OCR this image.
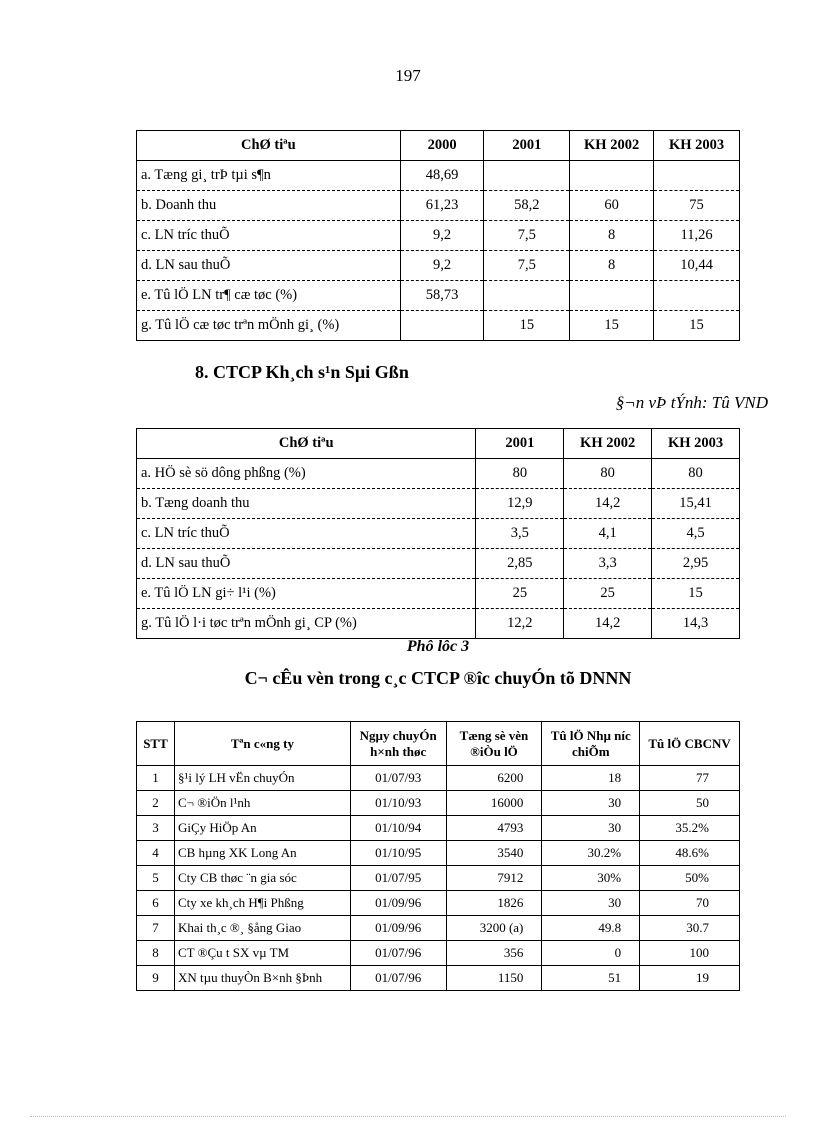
197
ChØ tiªu	2000	2001	KH 2002	KH 2003
a. Tæng gi¸ trÞ tµi s¶n	48,69			
b. Doanh thu	61,23	58,2	60	75
c. LN tríc thuÕ	9,2	7,5	8	11,26
d. LN sau thuÕ	9,2	7,5	8	10,44
e. Tû lÖ LN tr¶ cæ tøc (%)	58,73			
g. Tû lÖ cæ tøc trªn mÖnh gi¸ (%)		15	15	15
8. CTCP Kh¸ch s¹n Sµi Gßn
§¬n vÞ tÝnh: Tû VND
ChØ tiªu	2001	KH 2002	KH 2003
a. HÖ sè sö dông phßng (%)	80	80	80
b. Tæng doanh thu	12,9	14,2	15,41
c. LN tríc thuÕ	3,5	4,1	4,5
d. LN sau thuÕ	2,85	3,3	2,95
e. Tû lÖ LN gi÷ l¹i (%)	25	25	15
g. Tû lÖ l·i tøc trªn mÖnh gi¸ CP (%)	12,2	14,2	14,3
Phô lôc 3
C¬ cÊu vèn trong c¸c CTCP ®îc chuyÓn tõ DNNN
STT	Tªn c«ng ty	Ngµy chuyÓn h×nh thøc	Tæng sè vèn ®iÒu lÖ	Tû lÖ Nhµ níc chiÕm	Tû lÖ CBCNV
1	§¹i lý LH vËn chuyÓn	01/07/93	6200	18	77
2	C¬ ®iÖn l¹nh	01/10/93	16000	30	50
3	GiÇy HiÖp An	01/10/94	4793	30	35.2%
4	CB hµng XK Long An	01/10/95	3540	30.2%	48.6%
5	Cty CB thøc ¨n gia sóc	01/07/95	7912	30%	50%
6	Cty xe kh¸ch H¶i Phßng	01/09/96	1826	30	70
7	Khai th¸c ®¸ §ång Giao	01/09/96	3200 (a)	49.8	30.7
8	CT ®Çu t SX vµ TM	01/07/96	356	0	100
9	XN tµu thuyÒn B×nh §Þnh	01/07/96	1150	51	19
